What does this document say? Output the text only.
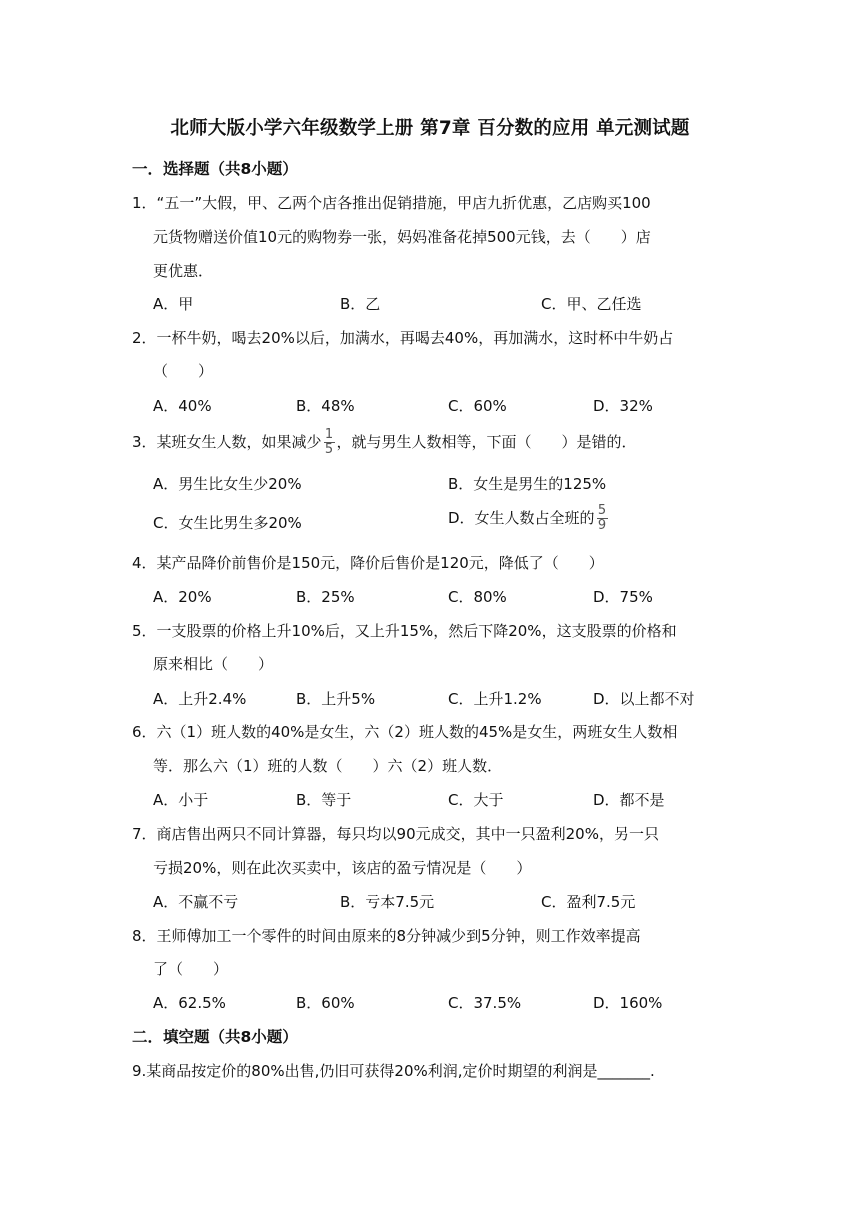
北师大版小学六年级数学上册 第7章 百分数的应用 单元测试题
一．选择题（共8小题）
1．“五一”大假，甲、乙两个店各推出促销措施，甲店九折优惠，乙店购买100
元货物赠送价值10元的购物券一张，妈妈准备花掉500元钱，去（　　）店
更优惠．
A．甲	B．乙	C．甲、乙任选
2．一杯牛奶，喝去20%以后，加满水，再喝去40%，再加满水，这时杯中牛奶占
（　　）
A．40%	B．48%	C．60%	D．32%
3．某班女生人数，如果减少 $\frac{1}{5}$ ，就与男生人数相等，下面（　　）是错的．
A．男生比女生少20%	B．女生是男生的125%
C．女生比男生多20%	D．女生人数占全班的 $\frac{5}{9}$
4．某产品降价前售价是150元，降价后售价是120元，降低了（　　）
A．20%	B．25%	C．80%	D．75%
5．一支股票的价格上升10%后，又上升15%，然后下降20%，这支股票的价格和
原来相比（　　）
A．上升2.4%	B．上升5%	C．上升1.2%	D．以上都不对
6．六（1）班人数的40%是女生，六（2）班人数的45%是女生，两班女生人数相
等．那么六（1）班的人数（　　）六（2）班人数．
A．小于	B．等于	C．大于	D．都不是
7．商店售出两只不同计算器，每只均以90元成交，其中一只盈利20%，另一只
亏损20%，则在此次买卖中，该店的盈亏情况是（　　）
A．不赢不亏	B．亏本7.5元	C．盈利7.5元
8．王师傅加工一个零件的时间由原来的8分钟减少到5分钟，则工作效率提高
了（　　）
A．62.5%	B．60%	C．37.5%	D．160%
二．填空题（共8小题）
9.某商品按定价的80%出售,仍旧可获得20%利润,定价时期望的利润是_______.
